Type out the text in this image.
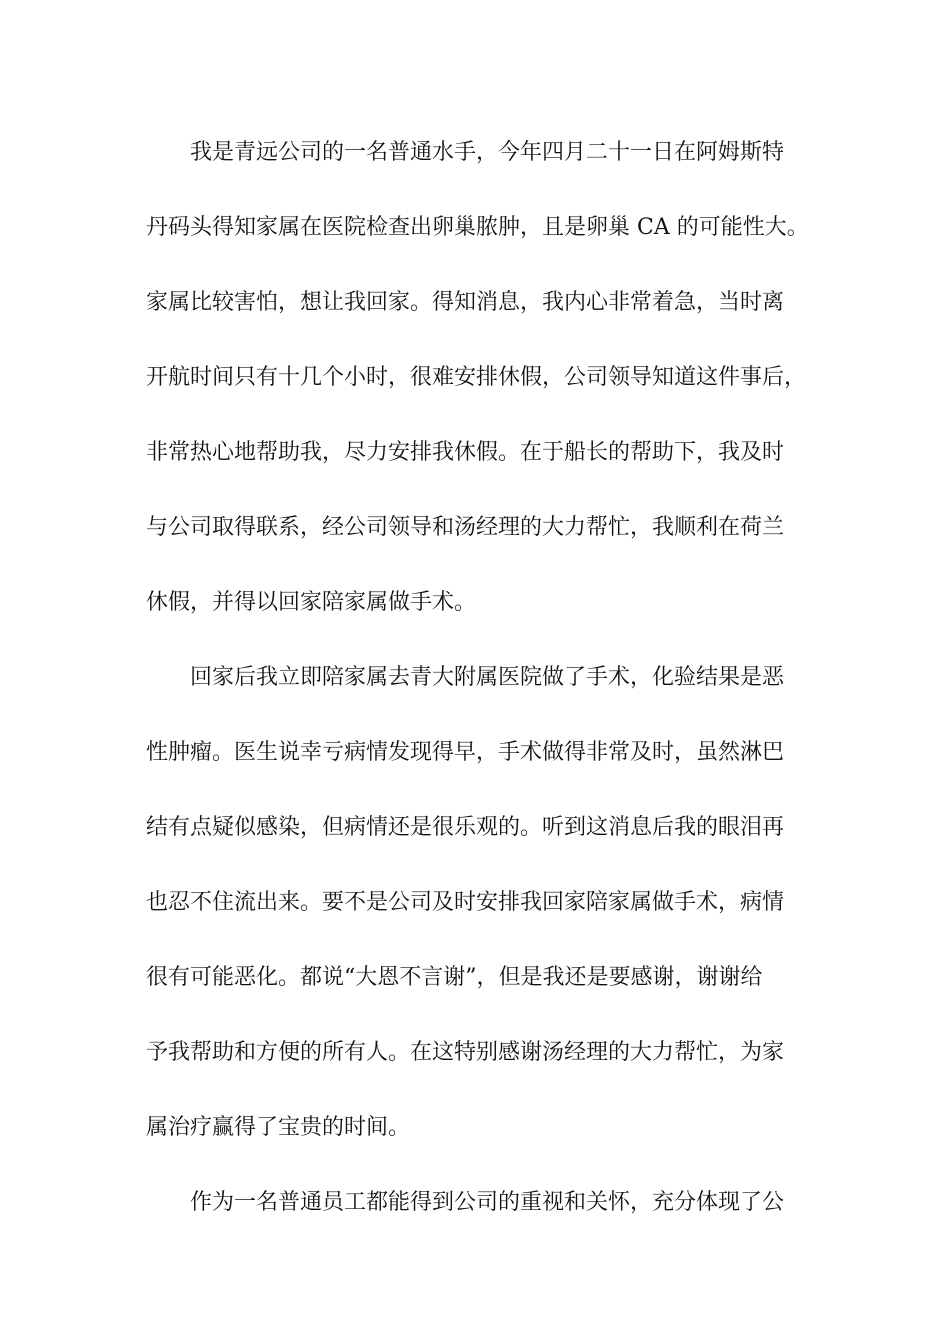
我是青远公司的一名普通水手，今年四月二十一日在阿姆斯特
丹码头得知家属在医院检查出卵巢脓肿，且是卵巢 CA 的可能性大。
家属比较害怕，想让我回家。得知消息，我内心非常着急，当时离
开航时间只有十几个小时，很难安排休假，公司领导知道这件事后，
非常热心地帮助我，尽力安排我休假。在于船长的帮助下，我及时
与公司取得联系，经公司领导和汤经理的大力帮忙，我顺利在荷兰
休假，并得以回家陪家属做手术。
回家后我立即陪家属去青大附属医院做了手术，化验结果是恶
性肿瘤。医生说幸亏病情发现得早，手术做得非常及时，虽然淋巴
结有点疑似感染，但病情还是很乐观的。听到这消息后我的眼泪再
也忍不住流出来。要不是公司及时安排我回家陪家属做手术，病情
很有可能恶化。都说“大恩不言谢”，但是我还是要感谢，谢谢给
予我帮助和方便的所有人。在这特别感谢汤经理的大力帮忙，为家
属治疗赢得了宝贵的时间。
作为一名普通员工都能得到公司的重视和关怀，充分体现了公
